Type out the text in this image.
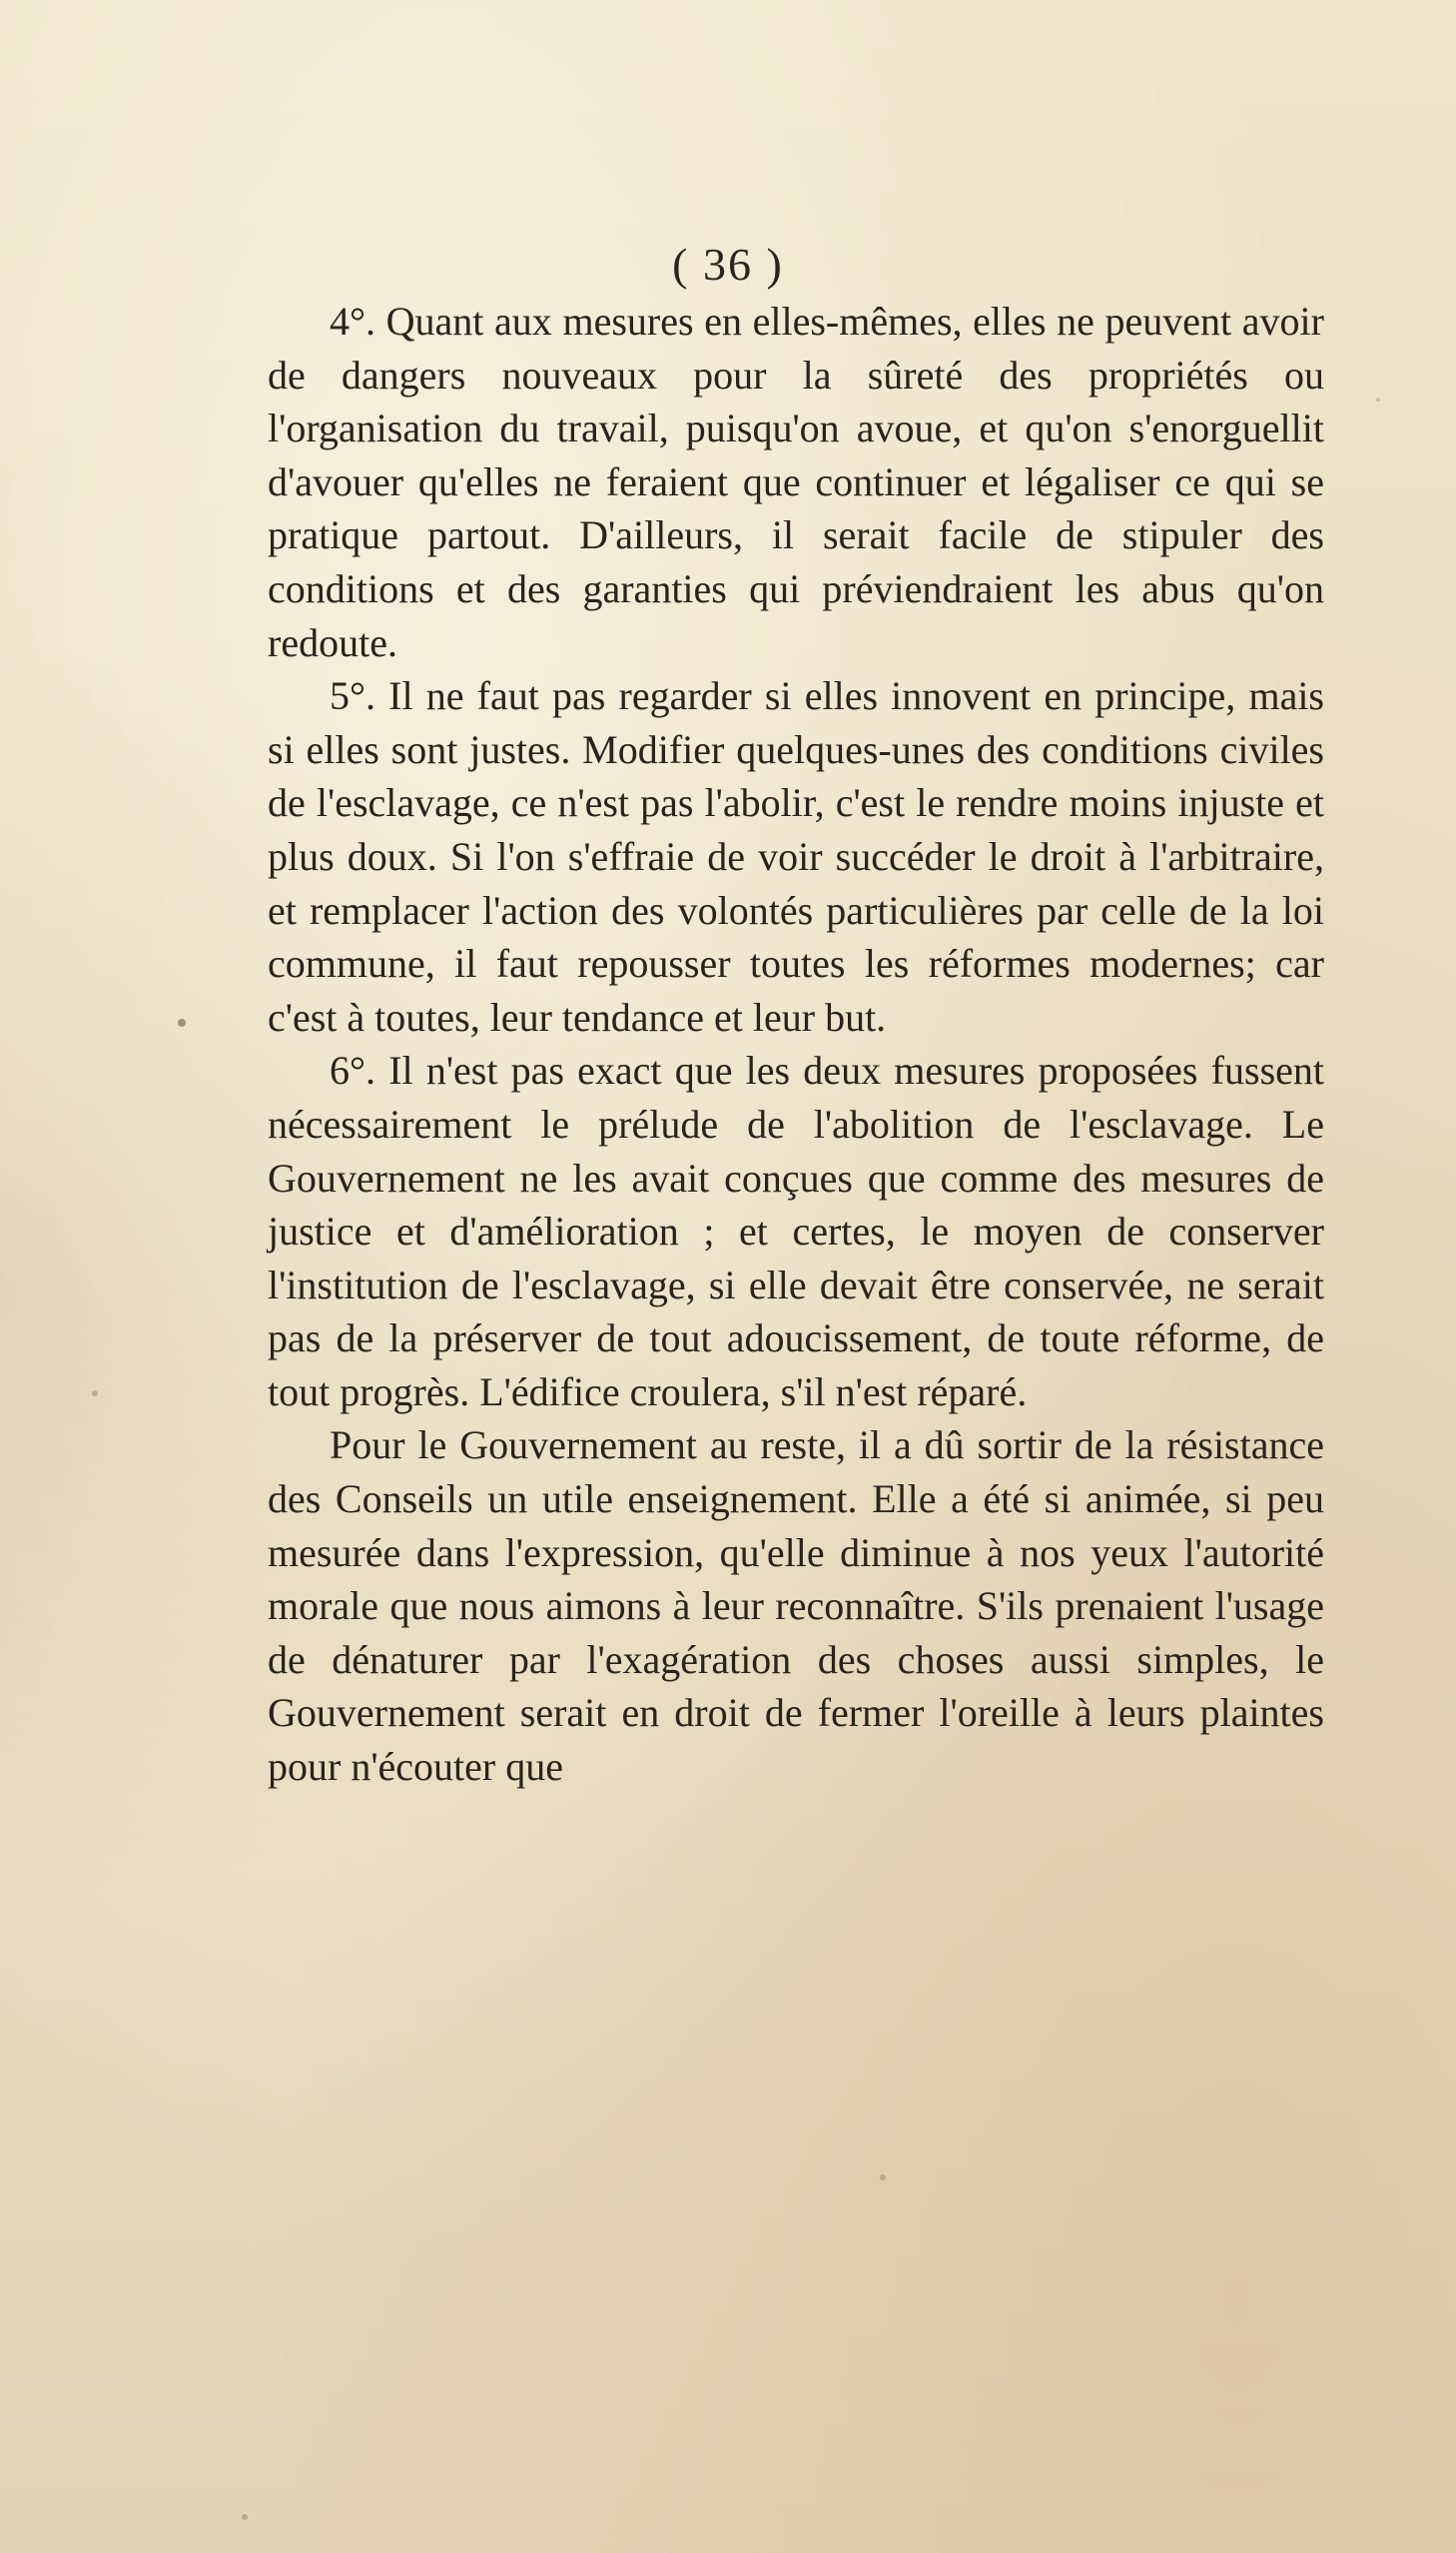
( 36 )

4°. Quant aux mesures en elles-mêmes, elles ne peuvent avoir de dangers nouveaux pour la sûreté des propriétés ou l'organisation du travail, puisqu'on avoue, et qu'on s'enorguellit d'avouer qu'elles ne feraient que continuer et légaliser ce qui se pratique partout. D'ailleurs, il serait facile de stipuler des conditions et des garanties qui préviendraient les abus qu'on redoute.

5°. Il ne faut pas regarder si elles innovent en principe, mais si elles sont justes. Modifier quelques-unes des conditions civiles de l'esclavage, ce n'est pas l'abolir, c'est le rendre moins injuste et plus doux. Si l'on s'effraie de voir succéder le droit à l'arbitraire, et remplacer l'action des volontés particulières par celle de la loi commune, il faut repousser toutes les réformes modernes; car c'est à toutes, leur tendance et leur but.

6°. Il n'est pas exact que les deux mesures proposées fussent nécessairement le prélude de l'abolition de l'esclavage. Le Gouvernement ne les avait conçues que comme des mesures de justice et d'amélioration ; et certes, le moyen de conserver l'institution de l'esclavage, si elle devait être conservée, ne serait pas de la préserver de tout adoucissement, de toute réforme, de tout progrès. L'édifice croulera, s'il n'est réparé.

Pour le Gouvernement au reste, il a dû sortir de la résistance des Conseils un utile enseignement. Elle a été si animée, si peu mesurée dans l'expression, qu'elle diminue à nos yeux l'autorité morale que nous aimons à leur reconnaître. S'ils prenaient l'usage de dénaturer par l'exagération des choses aussi simples, le Gouvernement serait en droit de fermer l'oreille à leurs plaintes pour n'écouter que
